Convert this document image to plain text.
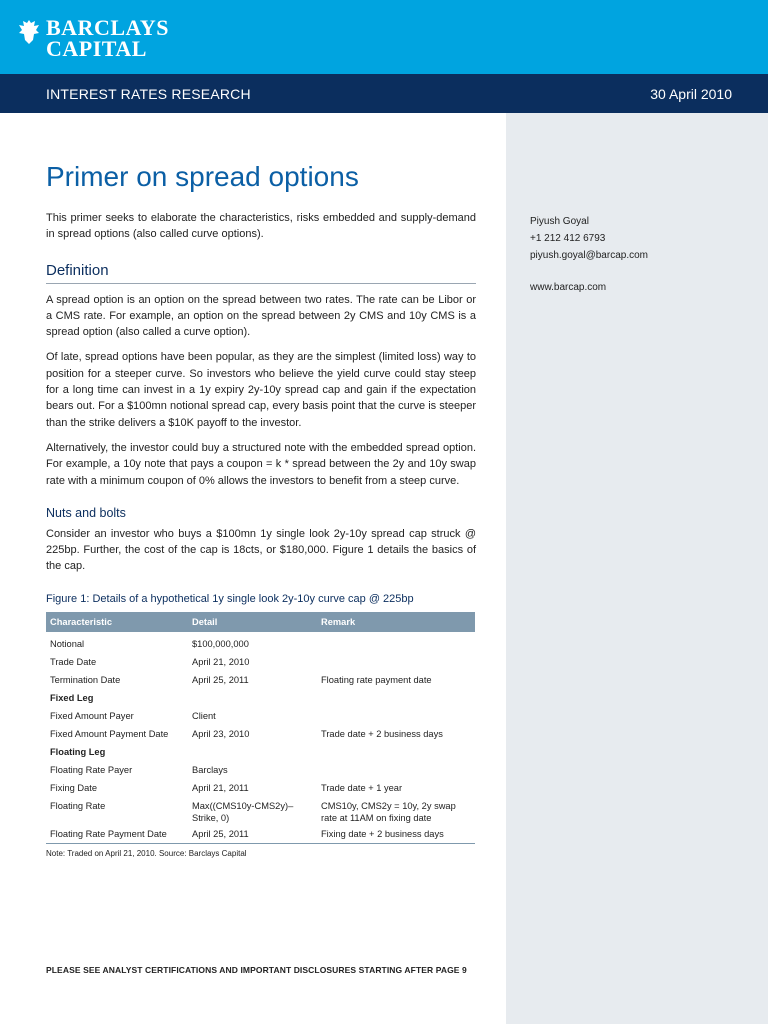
BARCLAYS
CAPITAL
INTEREST RATES RESEARCH	30 April 2010
Piyush Goyal
+1 212 412 6793
piyush.goyal@barcap.com
www.barcap.com
Primer on spread options

This primer seeks to elaborate the characteristics, risks embedded and supply-demand in spread options (also called curve options).

Definition

A spread option is an option on the spread between two rates. The rate can be Libor or a CMS rate. For example, an option on the spread between 2y CMS and 10y CMS is a spread option (also called a curve option).

Of late, spread options have been popular, as they are the simplest (limited loss) way to position for a steeper curve. So investors who believe the yield curve could stay steep for a long time can invest in a 1y expiry 2y-10y spread cap and gain if the expectation bears out. For a $100mn notional spread cap, every basis point that the curve is steeper than the strike delivers a $10K payoff to the investor.

Alternatively, the investor could buy a structured note with the embedded spread option. For example, a 10y note that pays a coupon = k * spread between the 2y and 10y swap rate with a minimum coupon of 0% allows the investors to benefit from a steep curve.

Nuts and bolts

Consider an investor who buys a $100mn 1y single look 2y-10y spread cap struck @ 225bp. Further, the cost of the cap is 18cts, or $180,000. Figure 1 details the basics of the cap.

Figure 1: Details of a hypothetical 1y single look 2y-10y curve cap @ 225bp
Characteristic	Detail	Remark
Notional	$100,000,000	
Trade Date	April 21, 2010	
Termination Date	April 25, 2011	Floating rate payment date
Fixed Leg		
Fixed Amount Payer	Client	
Fixed Amount Payment Date	April 23, 2010	Trade date + 2 business days
Floating Leg		
Floating Rate Payer	Barclays	
Fixing Date	April 21, 2011	Trade date + 1 year
Floating Rate	Max((CMS10y-CMS2y)– Strike, 0)	CMS10y, CMS2y = 10y, 2y swap rate at 11AM on fixing date
Floating Rate Payment Date	April 25, 2011	Fixing date + 2 business days
Note: Traded on April 21, 2010. Source: Barclays Capital
PLEASE SEE ANALYST CERTIFICATIONS AND IMPORTANT DISCLOSURES STARTING AFTER PAGE 9
